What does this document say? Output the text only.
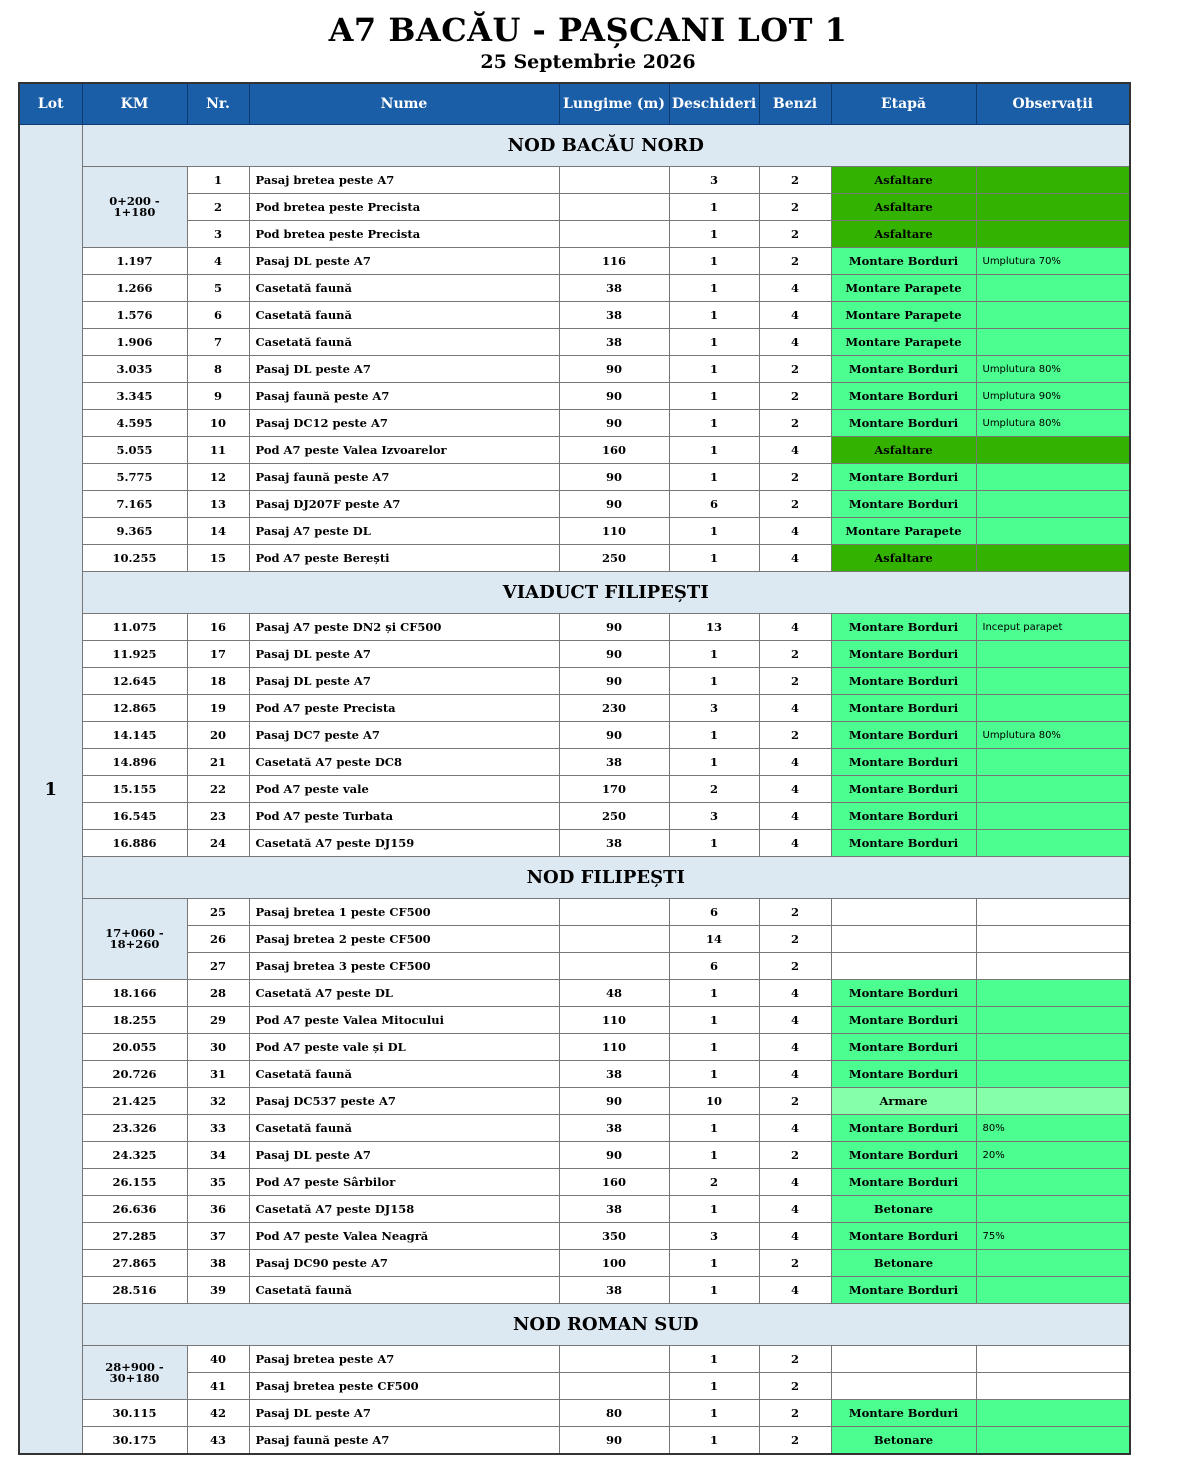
A7 BACĂU - PAȘCANI LOT 1
25 Septembrie 2026
Lot	KM	Nr.	Nume	Lungime (m)	Deschideri	Benzi	Etapă	Observații
1	NOD BACĂU NORD							
	0+200 - 1+180	1	Pasaj bretea peste A7		3	2	Asfaltare	
		2	Pod bretea peste Precista		1	2	Asfaltare	
		3	Pod bretea peste Precista		1	2	Asfaltare	
	1.197	4	Pasaj DL peste A7	116	1	2	Montare Borduri	Umplutura 70%
	1.266	5	Casetată faună	38	1	4	Montare Parapete	
	1.576	6	Casetată faună	38	1	4	Montare Parapete	
	1.906	7	Casetată faună	38	1	4	Montare Parapete	
	3.035	8	Pasaj DL peste A7	90	1	2	Montare Borduri	Umplutura 80%
	3.345	9	Pasaj faună peste A7	90	1	2	Montare Borduri	Umplutura 90%
	4.595	10	Pasaj DC12 peste A7	90	1	2	Montare Borduri	Umplutura 80%
	5.055	11	Pod A7 peste Valea Izvoarelor	160	1	4	Asfaltare	
	5.775	12	Pasaj faună peste A7	90	1	2	Montare Borduri	
	7.165	13	Pasaj DJ207F peste A7	90	6	2	Montare Borduri	
	9.365	14	Pasaj A7 peste DL	110	1	4	Montare Parapete	
	10.255	15	Pod A7 peste Berești	250	1	4	Asfaltare	
	VIADUCT FILIPEȘTI							
	11.075	16	Pasaj A7 peste DN2 și CF500	90	13	4	Montare Borduri	Inceput parapet
	11.925	17	Pasaj DL peste A7	90	1	2	Montare Borduri	
	12.645	18	Pasaj DL peste A7	90	1	2	Montare Borduri	
	12.865	19	Pod A7 peste Precista	230	3	4	Montare Borduri	
	14.145	20	Pasaj DC7 peste A7	90	1	2	Montare Borduri	Umplutura 80%
	14.896	21	Casetată A7 peste DC8	38	1	4	Montare Borduri	
	15.155	22	Pod A7 peste vale	170	2	4	Montare Borduri	
	16.545	23	Pod A7 peste Turbata	250	3	4	Montare Borduri	
	16.886	24	Casetată A7 peste DJ159	38	1	4	Montare Borduri	
	NOD FILIPEȘTI							
	17+060 - 18+260	25	Pasaj bretea 1 peste CF500		6	2		
		26	Pasaj bretea 2 peste CF500		14	2		
		27	Pasaj bretea 3 peste CF500		6	2		
	18.166	28	Casetată A7 peste DL	48	1	4	Montare Borduri	
	18.255	29	Pod A7 peste Valea Mitocului	110	1	4	Montare Borduri	
	20.055	30	Pod A7 peste vale și DL	110	1	4	Montare Borduri	
	20.726	31	Casetată faună	38	1	4	Montare Borduri	
	21.425	32	Pasaj DC537 peste A7	90	10	2	Armare	
	23.326	33	Casetată faună	38	1	4	Montare Borduri	80%
	24.325	34	Pasaj DL peste A7	90	1	2	Montare Borduri	20%
	26.155	35	Pod A7 peste Sârbilor	160	2	4	Montare Borduri	
	26.636	36	Casetată A7 peste DJ158	38	1	4	Betonare	
	27.285	37	Pod A7 peste Valea Neagră	350	3	4	Montare Borduri	75%
	27.865	38	Pasaj DC90 peste A7	100	1	2	Betonare	
	28.516	39	Casetată faună	38	1	4	Montare Borduri	
	NOD ROMAN SUD							
	28+900 - 30+180	40	Pasaj bretea peste A7		1	2		
		41	Pasaj bretea peste CF500		1	2		
	30.115	42	Pasaj DL peste A7	80	1	2	Montare Borduri	
	30.175	43	Pasaj faună peste A7	90	1	2	Betonare	
